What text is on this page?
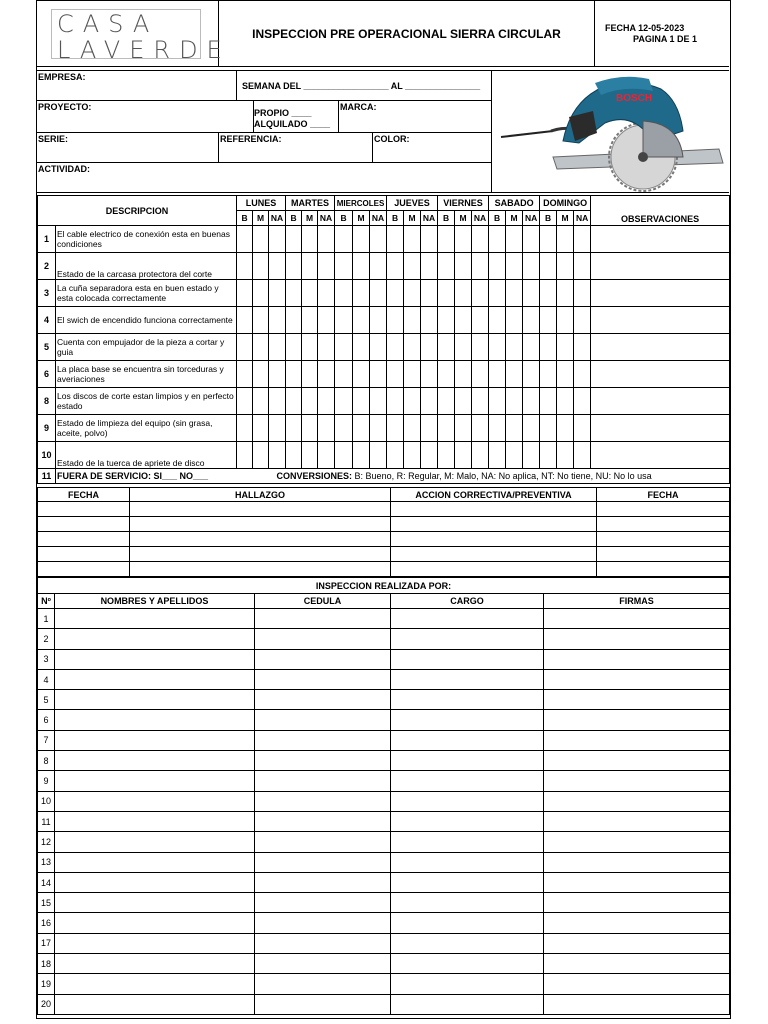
CASA
LAVERDE
INSPECCION PRE OPERACIONAL SIERRA CIRCULAR	FECHA 12-05-2023
PAGINA 1 DE 1
EMPRESA:
SEMANA DEL _________________ AL _______________
PROYECTO:
PROPIO ____
ALQUILADO ____
MARCA:
SERIE:	REFERENCIA:	COLOR:
ACTIVIDAD:
BOSCH
DESCRIPCION		LUNES			MARTES			MIERCOLES			JUEVES			VIERNES			SABADO			DOMINGO			OBSERVACIONES
		B	M	NA	B	M	NA	B	M	NA	B	M	NA	B	M	NA	B	M	NA	B	M	NA	
1	El cable electrico de conexión esta en buenas condiciones																						
2	Estado de la carcasa protectora del corte																						
3	La cuña separadora esta en buen estado y esta colocada correctamente																						
4	El swich de encendido funciona correctamente																						
5	Cuenta con empujador de la pieza a cortar y guia																						
6	La placa base se encuentra sin torceduras y averiaciones																						
8	Los discos de corte estan limpios y en perfecto estado																						
9	Estado de limpieza del equipo (sin grasa, aceite, polvo)																						
10	Estado de la tuerca de apriete de disco																						
11	FUERA DE SERVICIO: SI___ NO___	CONVERSIONES: B: Bueno, R: Regular, M: Malo, NA: No aplica, NT: No tiene, NU: No lo usa																					
FECHA	HALLAZGO	ACCION CORRECTIVA/PREVENTIVA	FECHA

INSPECCION REALIZADA POR:				
Nº	NOMBRES Y APELLIDOS	CEDULA	CARGO	FIRMAS
1				
2				
3				
4				
5				
6				
7				
8				
9				
10				
11				
12				
13				
14				
15				
16				
17				
18				
19				
20				
